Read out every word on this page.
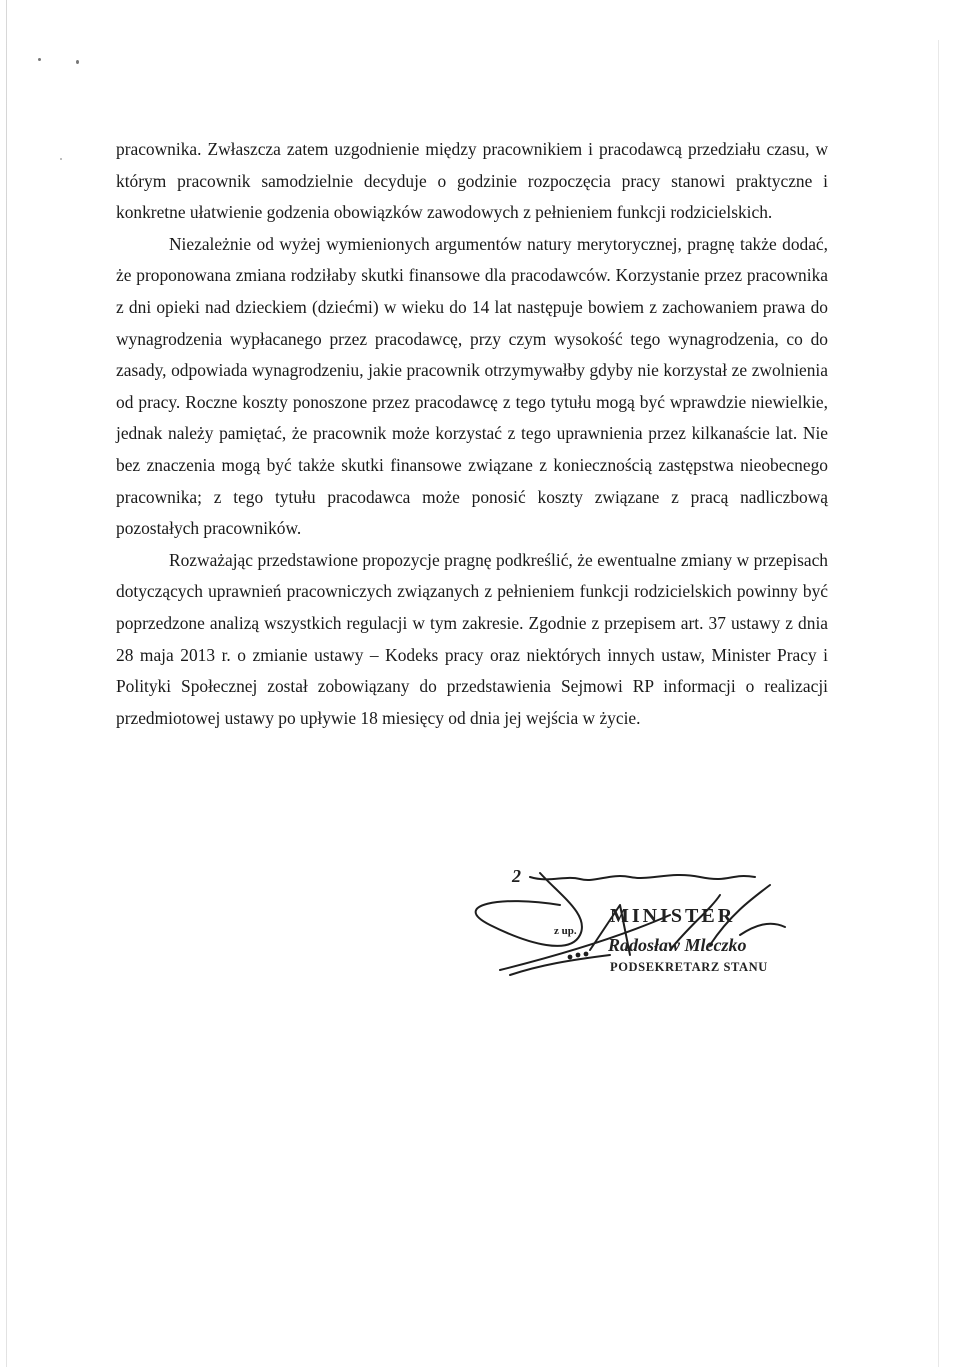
pracownika. Zwłaszcza zatem uzgodnienie między pracownikiem i pracodawcą przedziału czasu, w którym pracownik samodzielnie decyduje o godzinie rozpoczęcia pracy stanowi praktyczne i konkretne ułatwienie godzenia obowiązków zawodowych z pełnieniem funkcji rodzicielskich.

Niezależnie od wyżej wymienionych argumentów natury merytorycznej, pragnę także dodać, że proponowana zmiana rodziłaby skutki finansowe dla pracodawców. Korzystanie przez pracownika z dni opieki nad dzieckiem (dziećmi) w wieku do 14 lat następuje bowiem z zachowaniem prawa do wynagrodzenia wypłacanego przez pracodawcę, przy czym wysokość tego wynagrodzenia, co do zasady, odpowiada wynagrodzeniu, jakie pracownik otrzymywałby gdyby nie korzystał ze zwolnienia od pracy. Roczne koszty ponoszone przez pracodawcę z tego tytułu mogą być wprawdzie niewielkie, jednak należy pamiętać, że pracownik może korzystać z tego uprawnienia przez kilkanaście lat. Nie bez znaczenia mogą być także skutki finansowe związane z koniecznością zastępstwa nieobecnego pracownika; z tego tytułu pracodawca może ponosić koszty związane z pracą nadliczbową pozostałych pracowników.

Rozważając przedstawione propozycje pragnę podkreślić, że ewentualne zmiany w przepisach dotyczących uprawnień pracowniczych związanych z pełnieniem funkcji rodzicielskich powinny być poprzedzone analizą wszystkich regulacji w tym zakresie. Zgodnie z przepisem art. 37 ustawy z dnia 28 maja 2013 r. o zmianie ustawy – Kodeks pracy oraz niektórych innych ustaw, Minister Pracy i Polityki Społecznej został zobowiązany do przedstawienia Sejmowi RP informacji o realizacji przedmiotowej ustawy po upływie 18 miesięcy od dnia jej wejścia w życie.

MINISTER
z up.
Radosław Mleczko
PODSEKRETARZ STANU
2
